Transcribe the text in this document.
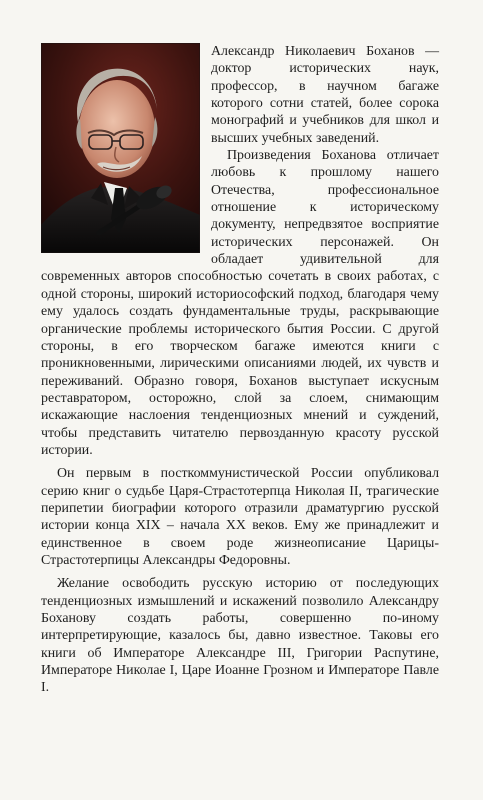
Александр Николаевич Боханов — доктор исторических наук, профессор, в научном багаже которого сотни статей, более сорока монографий и учебников для школ и высших учебных заведений.

Произведения Боханова отличает любовь к прошлому нашего Отечества, профессиональное отношение к историческому документу, непредвзятое восприятие исторических персонажей. Он обладает удивительной для современных авторов способностью сочетать в своих работах, с одной стороны, широкий историософский подход, благодаря чему ему удалось создать фундаментальные труды, раскрывающие органические проблемы исторического бытия России. С другой стороны, в его творческом багаже имеются книги с проникновенными, лирическими описаниями людей, их чувств и переживаний. Образно говоря, Боханов выступает искусным реставратором, осторожно, слой за слоем, снимающим искажающие наслоения тенденциозных мнений и суждений, чтобы представить читателю первозданную красоту русской истории.

Он первым в посткоммунистической России опубликовал серию книг о судьбе Царя-Страстотерпца Николая II, трагические перипетии биографии которого отразили драматургию русской истории конца XIX – начала XX веков. Ему же принадлежит и единственное в своем роде жизнеописание Царицы-Страстотерпицы Александры Федоровны.

Желание освободить русскую историю от последующих тенденциозных измышлений и искажений позволило Александру Боханову создать работы, совершенно по-иному интерпретирующие, казалось бы, давно известное. Таковы его книги об Императоре Александре III, Григории Распутине, Императоре Николае I, Царе Иоанне Грозном и Императоре Павле I.
